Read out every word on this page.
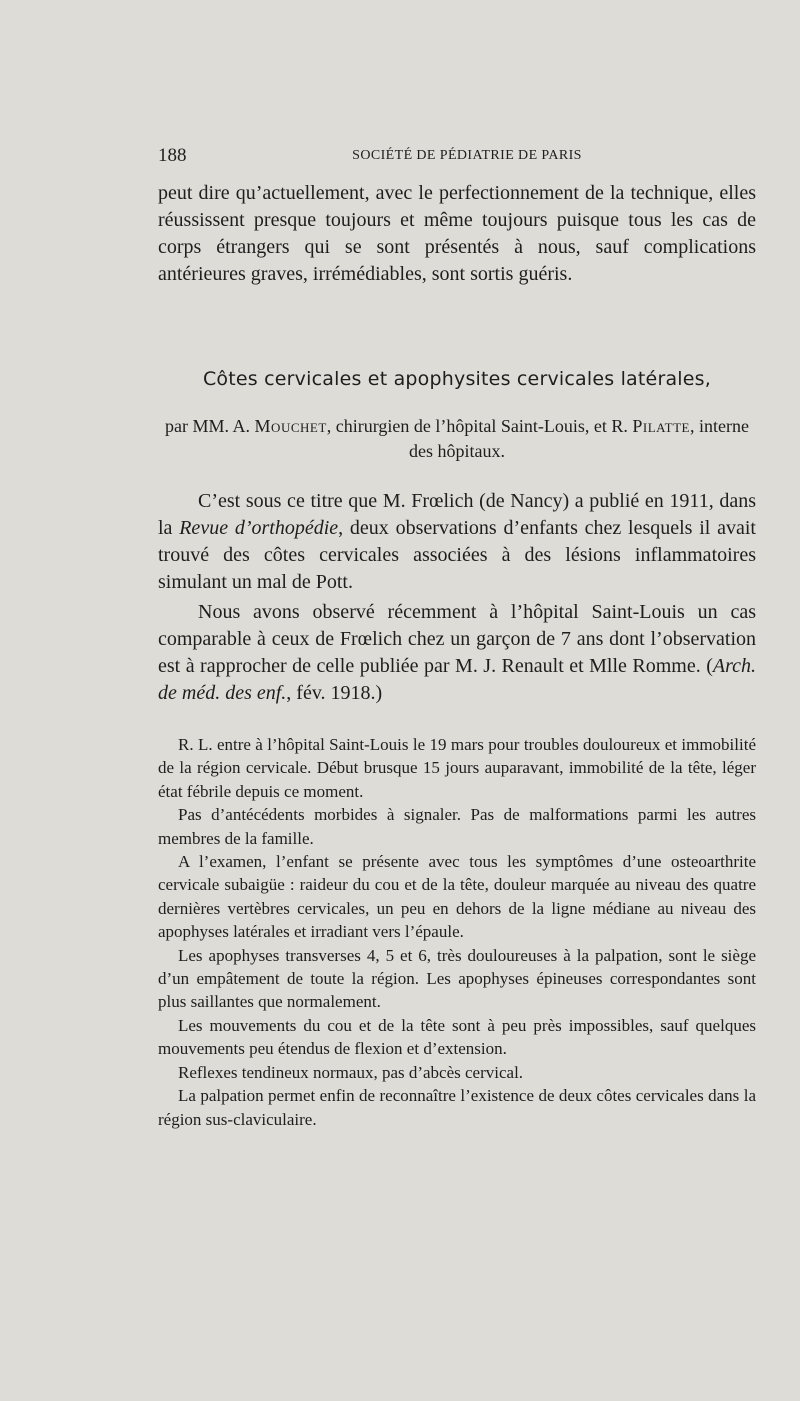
188	SOCIÉTÉ DE PÉDIATRIE DE PARIS

peut dire qu’actuellement, avec le perfectionnement de la technique, elles réussissent presque toujours et même toujours puisque tous les cas de corps étrangers qui se sont présentés à nous, sauf complications antérieures graves, irrémédiables, sont sortis guéris.

Côtes cervicales et apophysites cervicales latérales,
par MM. A. Mouchet, chirurgien de l’hôpital Saint-Louis, et R. Pilatte, interne des hôpitaux.

C’est sous ce titre que M. Frœlich (de Nancy) a publié en 1911, dans la Revue d’orthopédie, deux observations d’enfants chez lesquels il avait trouvé des côtes cervicales associées à des lésions inflammatoires simulant un mal de Pott.

Nous avons observé récemment à l’hôpital Saint-Louis un cas comparable à ceux de Frœlich chez un garçon de 7 ans dont l’observation est à rapprocher de celle publiée par M. J. Renault et Mlle Romme. (Arch. de méd. des enf., fév. 1918.)

R. L. entre à l’hôpital Saint-Louis le 19 mars pour troubles douloureux et immobilité de la région cervicale. Début brusque 15 jours auparavant, immobilité de la tête, léger état fébrile depuis ce moment.

Pas d’antécédents morbides à signaler. Pas de malformations parmi les autres membres de la famille.

A l’examen, l’enfant se présente avec tous les symptômes d’une osteoarthrite cervicale subaigüe : raideur du cou et de la tête, douleur marquée au niveau des quatre dernières vertèbres cervicales, un peu en dehors de la ligne médiane au niveau des apophyses latérales et irradiant vers l’épaule.

Les apophyses transverses 4, 5 et 6, très douloureuses à la palpation, sont le siège d’un empâtement de toute la région. Les apophyses épineuses correspondantes sont plus saillantes que normalement.

Les mouvements du cou et de la tête sont à peu près impossibles, sauf quelques mouvements peu étendus de flexion et d’extension.

Reflexes tendineux normaux, pas d’abcès cervical.

La palpation permet enfin de reconnaître l’existence de deux côtes cervicales dans la région sus-claviculaire.
